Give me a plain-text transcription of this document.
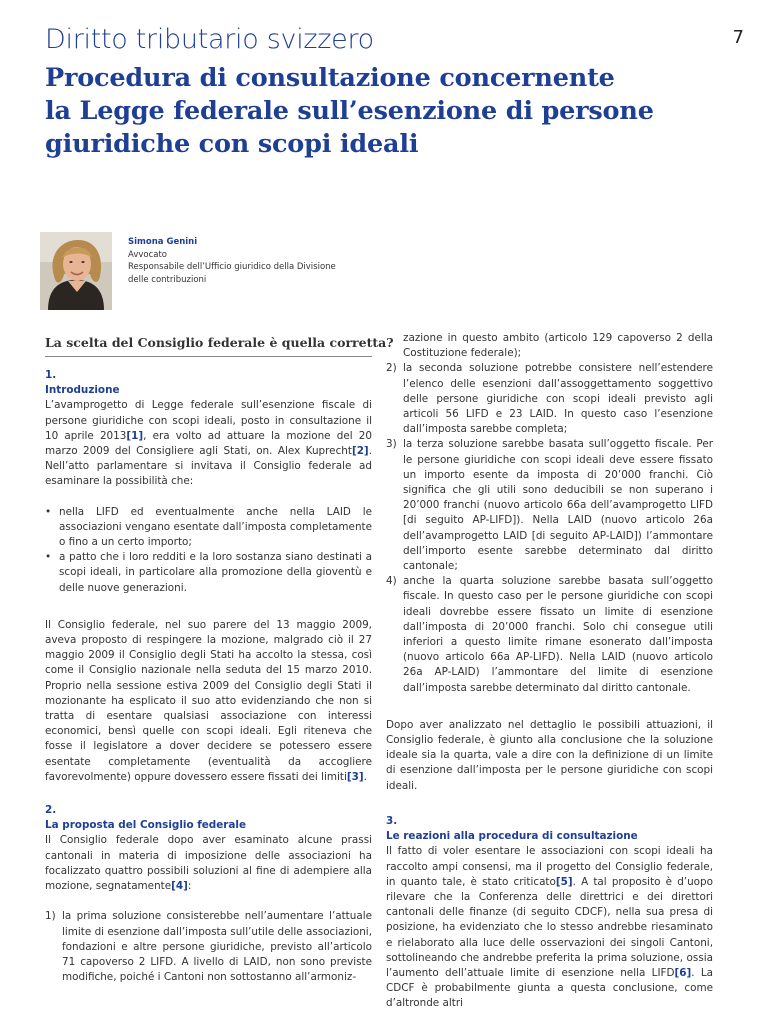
7
Diritto tributario svizzero
Procedura di consultazione concernente
la Legge federale sull’esenzione di persone
giuridiche con scopi ideali
Simona Genini
Avvocato
Responsabile dell’Ufficio giuridico della Divisione
delle contribuzioni
La scelta del Consiglio federale è quella corretta?
1.
Introduzione

L’avamprogetto di Legge federale sull’esenzione fiscale di persone giuridiche con scopi ideali, posto in consultazione il 10 aprile 2013[1], era volto ad attuare la mozione del 20 marzo 2009 del Consigliere agli Stati, on. Alex Kuprecht[2]. Nell’atto parlamentare si invitava il Consiglio federale ad esaminare la possibilità che:

• nella LIFD ed eventualmente anche nella LAID le associazioni vengano esentate dall’imposta completamente o fino a un certo importo;
• a patto che i loro redditi e la loro sostanza siano destinati a scopi ideali, in particolare alla promozione della gioventù e delle nuove generazioni.

Il Consiglio federale, nel suo parere del 13 maggio 2009, aveva proposto di respingere la mozione, malgrado ciò il 27 maggio 2009 il Consiglio degli Stati ha accolto la stessa, così come il Consiglio nazionale nella seduta del 15 marzo 2010. Proprio nella sessione estiva 2009 del Consiglio degli Stati il mozionante ha esplicato il suo atto evidenziando che non si tratta di esentare qualsiasi associazione con interessi economici, bensì quelle con scopi ideali. Egli riteneva che fosse il legislatore a dover decidere se potessero essere esentate completamente (eventualità da accogliere favorevolmente) oppure dovessero essere fissati dei limiti[3].

2.
La proposta del Consiglio federale

Il Consiglio federale dopo aver esaminato alcune prassi cantonali in materia di imposizione delle associazioni ha focalizzato quattro possibili soluzioni al fine di adempiere alla mozione, segnatamente[4]:

1) la prima soluzione consisterebbe nell’aumentare l’attuale limite di esenzione dall’imposta sull’utile delle associazioni, fondazioni e altre persone giuridiche, previsto all’articolo 71 capoverso 2 LIFD. A livello di LAID, non sono previste modifiche, poiché i Cantoni non sottostanno all’armoniz-
zazione in questo ambito (articolo 129 capoverso 2 della Costituzione federale);
2) la seconda soluzione potrebbe consistere nell’estendere l’elenco delle esenzioni dall’assoggettamento soggettivo delle persone giuridiche con scopi ideali previsto agli articoli 56 LIFD e 23 LAID. In questo caso l’esenzione dall’imposta sarebbe completa;
3) la terza soluzione sarebbe basata sull’oggetto fiscale. Per le persone giuridiche con scopi ideali deve essere fissato un importo esente da imposta di 20’000 franchi. Ciò significa che gli utili sono deducibili se non superano i 20’000 franchi (nuovo articolo 66a dell’avamprogetto LIFD [di seguito AP-LIFD]). Nella LAID (nuovo articolo 26a dell’avamprogetto LAID [di seguito AP-LAID]) l’ammontare dell’importo esente sarebbe determinato dal diritto cantonale;
4) anche la quarta soluzione sarebbe basata sull’oggetto fiscale. In questo caso per le persone giuridiche con scopi ideali dovrebbe essere fissato un limite di esenzione dall’imposta di 20’000 franchi. Solo chi consegue utili inferiori a questo limite rimane esonerato dall’imposta (nuovo articolo 66a AP-LIFD). Nella LAID (nuovo articolo 26a AP-LAID) l’ammontare del limite di esenzione dall’imposta sarebbe determinato dal diritto cantonale.

Dopo aver analizzato nel dettaglio le possibili attuazioni, il Consiglio federale, è giunto alla conclusione che la soluzione ideale sia la quarta, vale a dire con la definizione di un limite di esenzione dall’imposta per le persone giuridiche con scopi ideali.

3.
Le reazioni alla procedura di consultazione

Il fatto di voler esentare le associazioni con scopi ideali ha raccolto ampi consensi, ma il progetto del Consiglio federale, in quanto tale, è stato criticato[5]. A tal proposito è d’uopo rilevare che la Conferenza delle direttrici e dei direttori cantonali delle finanze (di seguito CDCF), nella sua presa di posizione, ha evidenziato che lo stesso andrebbe riesaminato e rielaborato alla luce delle osservazioni dei singoli Cantoni, sottolineando che andrebbe preferita la prima soluzione, ossia l’aumento dell’attuale limite di esenzione nella LIFD[6]. La CDCF è probabilmente giunta a questa conclusione, come d’altronde altri
